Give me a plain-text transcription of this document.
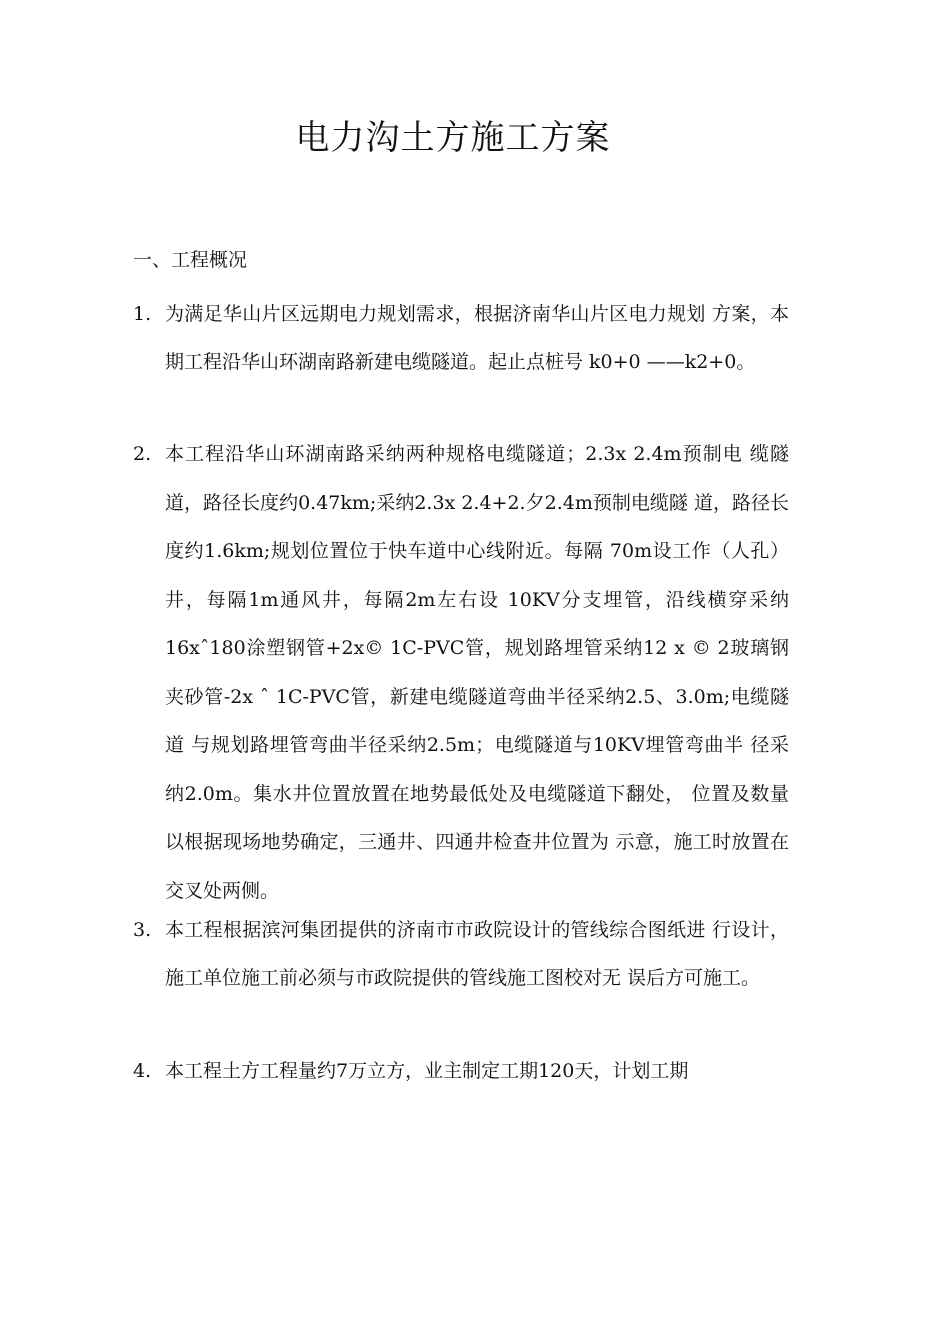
电力沟土方施工方案
一、工程概况
1. 为满足华山片区远期电力规划需求，根据济南华山片区电力规划 方案，本期工程沿华山环湖南路新建电缆隧道。起止点桩号 k0+0 ——k2+0。
2. 本工程沿华山环湖南路采纳两种规格电缆隧道；2.3x 2.4m预制电 缆隧道，路径长度约0.47km;采纳2.3x 2.4+2.夕2.4m预制电缆隧 道，路径长度约1.6km;规划位置位于快车道中心线附近。每隔 70m设工作（人孔）井，每隔1m通风井，每隔2m左右设 10KV分支埋管，沿线横穿采纳16xˆ180涂塑钢管+2x© 1C-PVC管，规划路埋管采纳12 x © 2玻璃钢夹砂管-2x ˆ 1C-PVC管，新建电缆隧道弯曲半径采纳2.5、3.0m;电缆隧道 与规划路埋管弯曲半径采纳2.5m；电缆隧道与10KV埋管弯曲半 径采纳2.0m。集水井位置放置在地势最低处及电缆隧道下翻处， 位置及数量以根据现场地势确定，三通井、四通井检查井位置为 示意，施工时放置在交叉处两侧。
3. 本工程根据滨河集团提供的济南市市政院设计的管线综合图纸进 行设计，施工单位施工前必须与市政院提供的管线施工图校对无 误后方可施工。
4. 本工程土方工程量约7万立方，业主制定工期120天，计划工期
